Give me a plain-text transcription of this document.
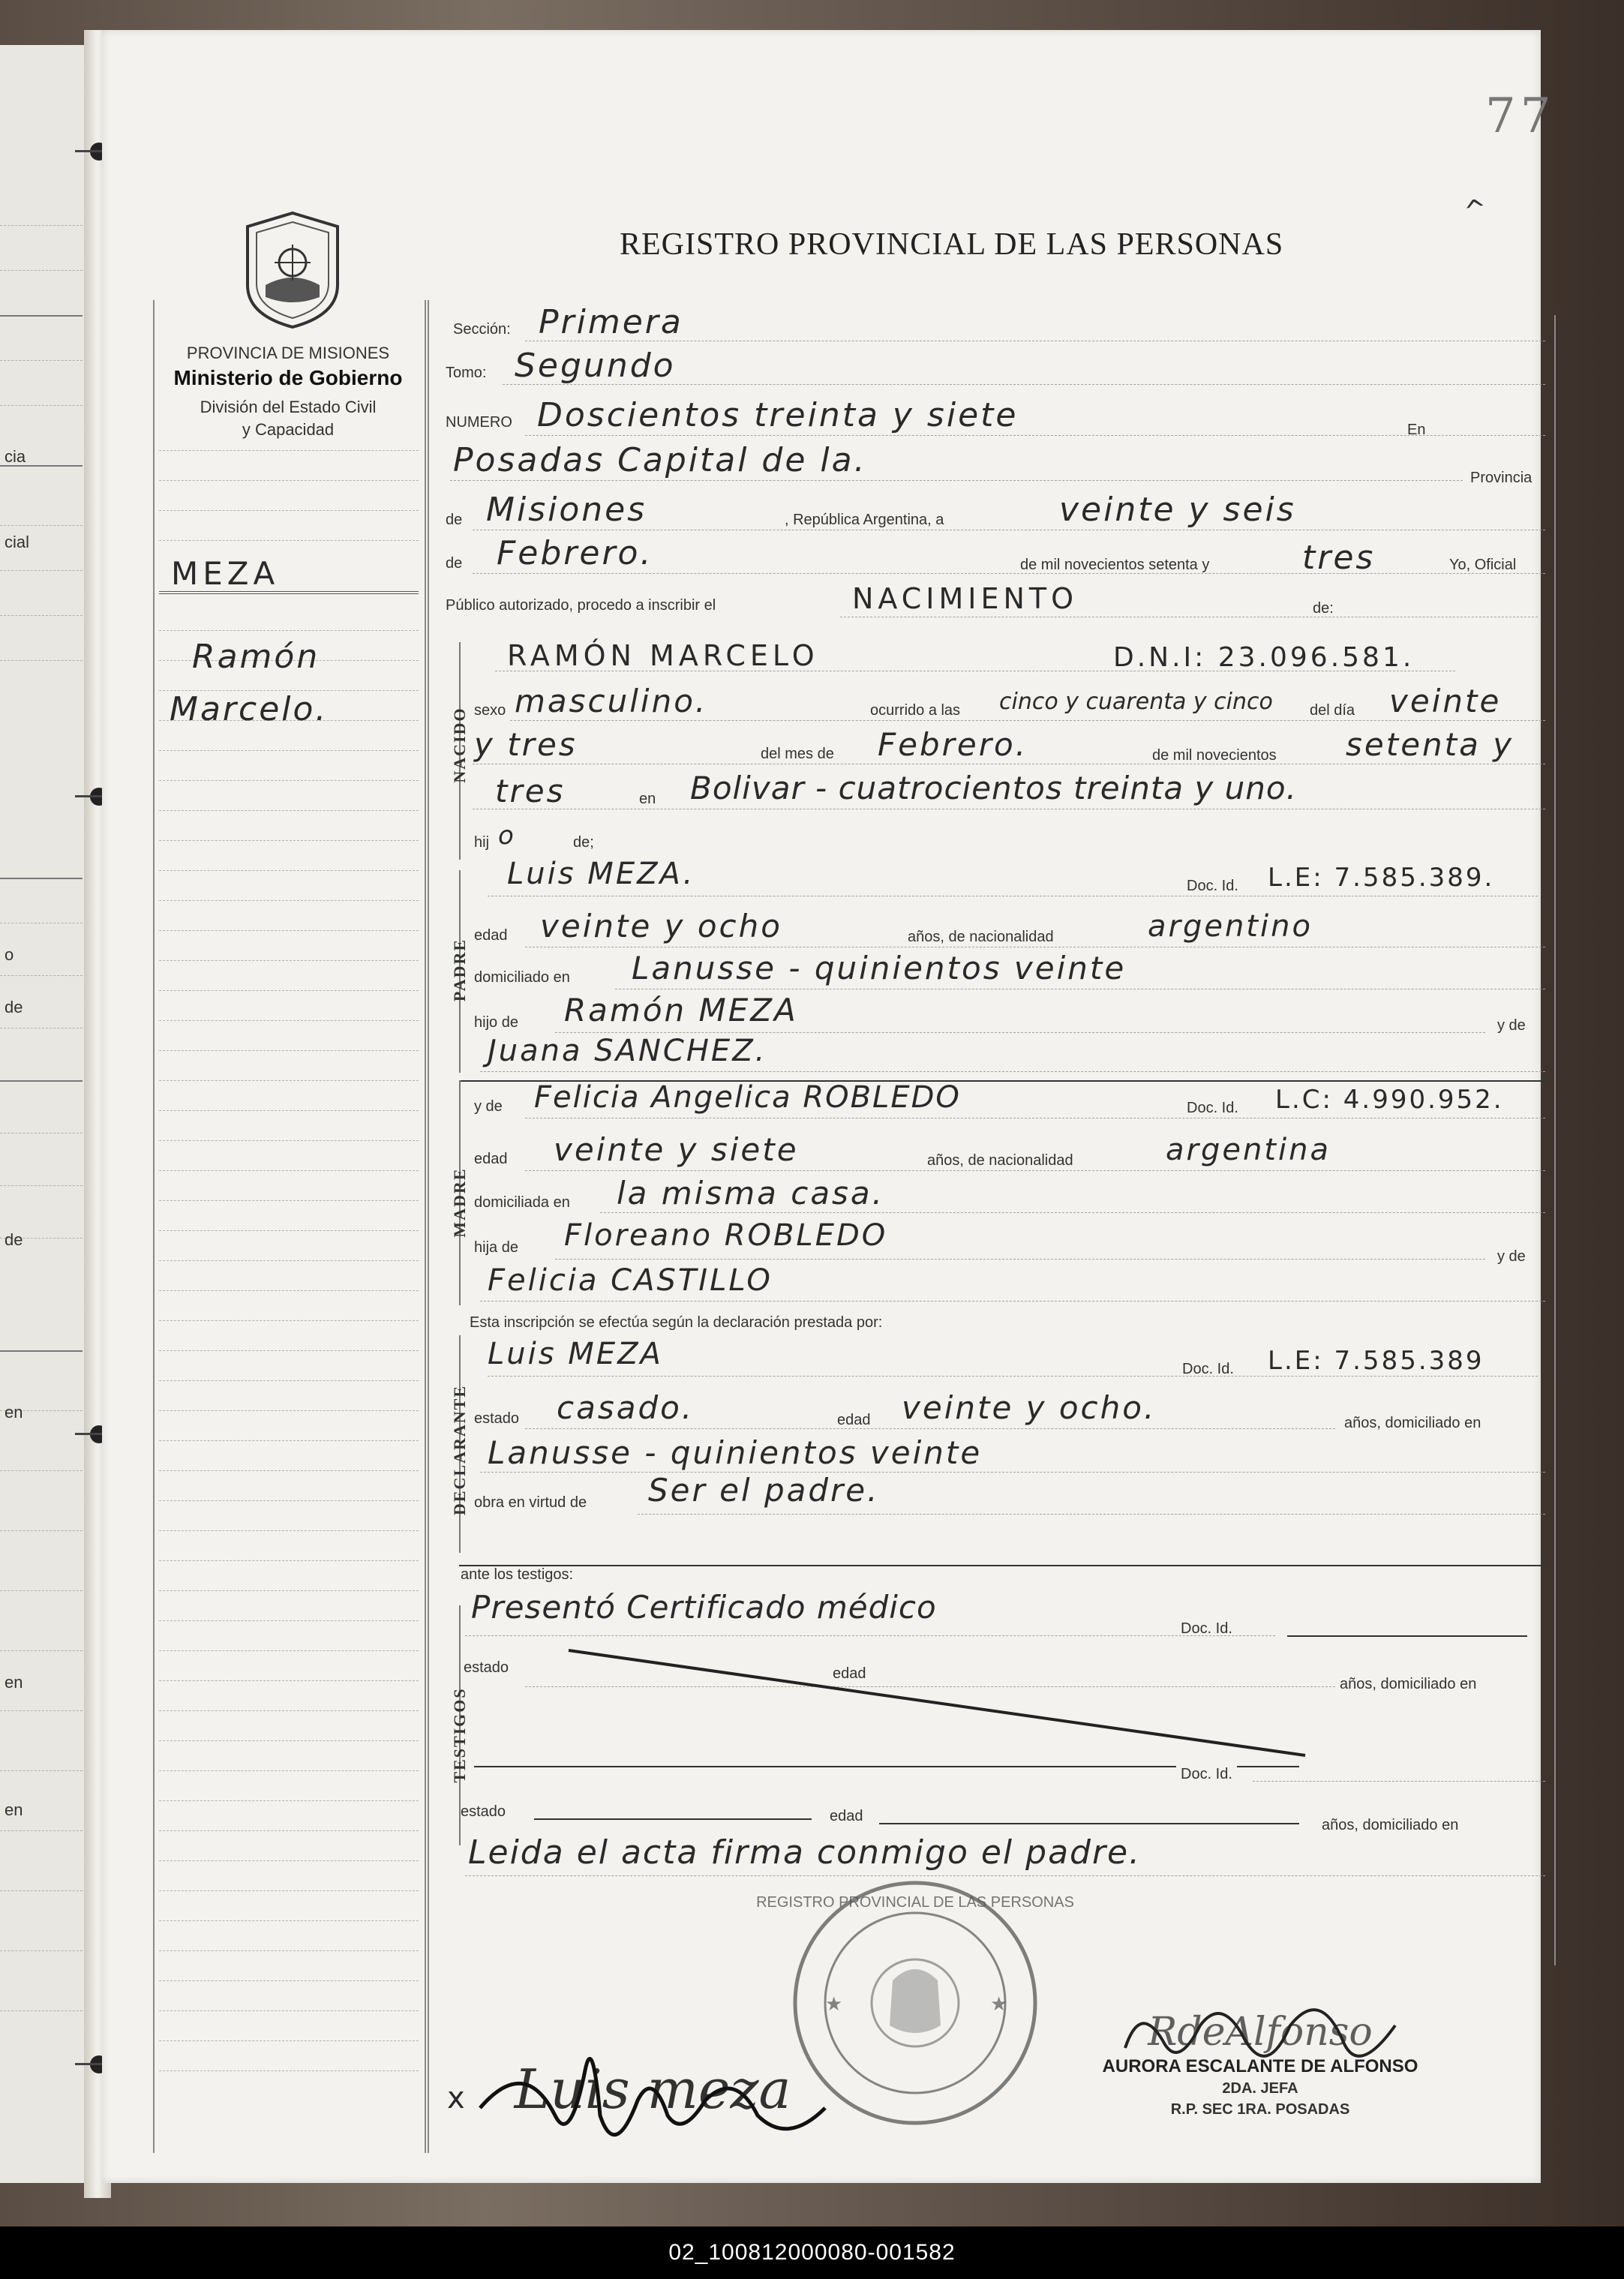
cia
cial
o
de
de
en
en
en
77
^
REGISTRO PROVINCIAL DE LAS PERSONAS
PROVINCIA DE MISIONES
Ministerio de Gobierno
División del Estado Civil
y Capacidad
MEZA
Ramón
Marcelo.
Sección: Primera
Tomo: Segundo
NUMERO Doscientos treinta y siete	En
Posadas Capital de la.	Provincia
de Misiones	, República Argentina, a	veinte y seis
de Febrero.	de mil novecientos setenta y	tres	Yo, Oficial
Público autorizado, procedo a inscribir el	NACIMIENTO	de:
NACIDO
RAMÓN MARCELO	D.N.I: 23.096.581.
sexo masculino.	ocurrido a las cinco y cuarenta y cinco del día veinte
y tres	del mes de Febrero.	de mil novecientos setenta y
tres	en Bolivar - cuatrocientos treinta y uno.
hij o	de;
PADRE
Luis MEZA.	Doc. Id. L.E: 7.585.389.
edad veinte y ocho	años, de nacionalidad	argentino
domiciliado en Lanusse - quinientos veinte
hijo de Ramón MEZA	y de
Juana SANCHEZ.
MADRE
y de Felicia Angelica ROBLEDO	Doc. Id. L.C: 4.990.952.
edad veinte y siete	años, de nacionalidad	argentina
domiciliada en la misma casa.
hija de Floreano ROBLEDO
y de
Felicia CASTILLO
Esta inscripción se efectúa según la declaración prestada por:
DECLARANTE
Luis MEZA	Doc. Id. L.E: 7.585.389
estado casado.	edad veinte y ocho.	años, domiciliado en
Lanusse - quinientos veinte
obra en virtud de Ser el padre.
ante los testigos:
TESTIGOS
Presentó Certificado médico
Doc. Id.
estado	edad
años, domiciliado en
Doc. Id.
estado	edad
años, domiciliado en
Leida el acta firma conmigo el padre.
REGISTRO PROVINCIAL DE LAS PERSONAS
★	★
RdeAlfonso
AURORA ESCALANTE DE ALFONSO
2DA. JEFA
R.P. SEC 1RA. POSADAS
x Luis meza
02_100812000080-001582
